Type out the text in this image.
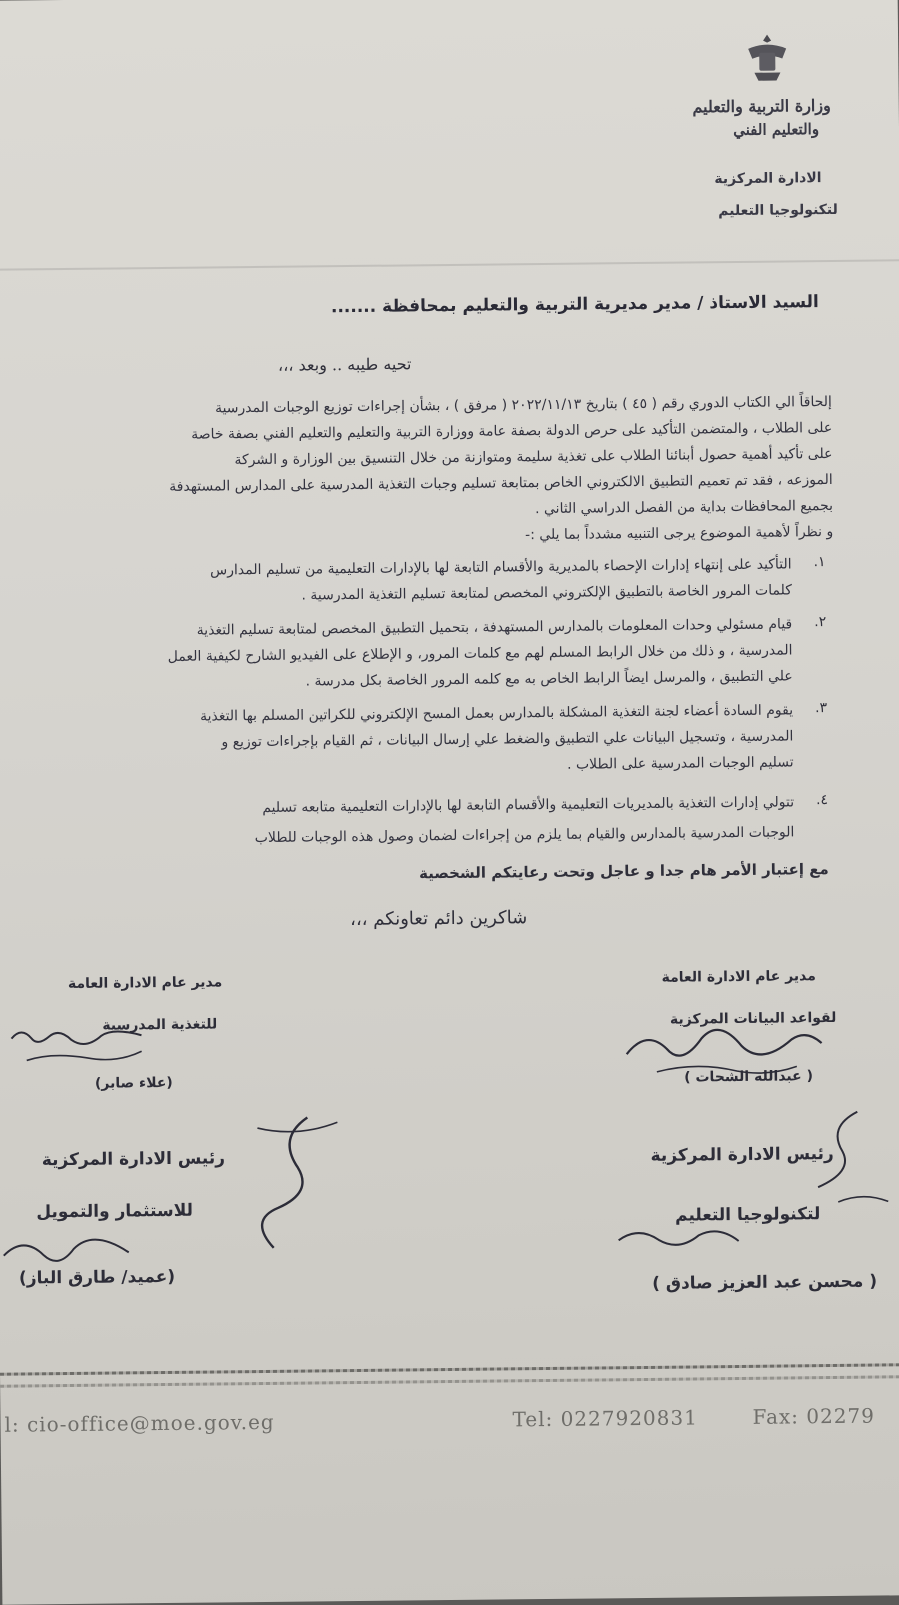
وزارة التربية والتعليم
والتعليم الفني
الادارة المركزية
لتكنولوجيا التعليم
السيد الاستاذ / مدير مديرية التربية والتعليم بمحافظة .......
تحيه طيبه .. وبعد ،،،
إلحاقاً الي الكتاب الدوري رقم ( ٤٥ ) بتاريخ ٢٠٢٢/١١/١٣ ( مرفق ) ، بشأن إجراءات توزيع الوجبات المدرسية
على الطلاب ، والمتضمن التأكيد على حرص الدولة بصفة عامة ووزارة التربية والتعليم والتعليم الفني بصفة خاصة
على تأكيد أهمية حصول أبنائنا الطلاب على تغذية سليمة ومتوازنة من خلال التنسيق بين الوزارة و الشركة
الموزعه ، فقد تم تعميم التطبيق الالكتروني الخاص بمتابعة تسليم وجبات التغذية المدرسية على المدارس المستهدفة
بجميع المحافظات بداية من الفصل الدراسي الثاني .
و نظراً لأهمية الموضوع يرجى التنبيه مشدداً بما يلي :-
١.
التأكيد على إنتهاء إدارات الإحصاء بالمديرية والأقسام التابعة لها بالإدارات التعليمية من تسليم المدارس
كلمات المرور الخاصة بالتطبيق الإلكتروني المخصص لمتابعة تسليم التغذية المدرسية .
٢.
قيام مسئولي وحدات المعلومات بالمدارس المستهدفة ، بتحميل التطبيق المخصص لمتابعة تسليم التغذية
المدرسية ، و ذلك من خلال الرابط المسلم لهم مع كلمات المرور، و الإطلاع على الفيديو الشارح لكيفية العمل
علي التطبيق ، والمرسل ايضاً الرابط الخاص به مع كلمه المرور الخاصة بكل مدرسة .
٣.
يقوم السادة أعضاء لجنة التغذية المشكلة بالمدارس بعمل المسح الإلكتروني للكراتين المسلم بها التغذية
المدرسية ، وتسجيل البيانات علي التطبيق والضغط علي إرسال البيانات ، ثم القيام بإجراءات توزيع و
تسليم الوجبات المدرسية على الطلاب .
٤.
تتولي إدارات التغذية بالمديريات التعليمية والأقسام التابعة لها بالإدارات التعليمية متابعه تسليم
الوجبات المدرسية بالمدارس والقيام بما يلزم من إجراءات لضمان وصول هذه الوجبات للطلاب
مع إعتبار الأمر هام جدا و عاجل وتحت رعايتكم الشخصية
شاكرين دائم تعاونكم ،،،
مدير عام الادارة العامة
للتغذية المدرسية
(علاء صابر)
مدير عام الادارة العامة
لقواعد البيانات المركزية
( عبدالله الشحات )
رئيس الادارة المركزية
للاستثمار والتمويل
(عميد/ طارق الباز)
رئيس الادارة المركزية
لتكنولوجيا التعليم
( محسن عبد العزيز صادق )
l: cio-office@moe.gov.eg	Tel: 0227920831	Fax: 02279
